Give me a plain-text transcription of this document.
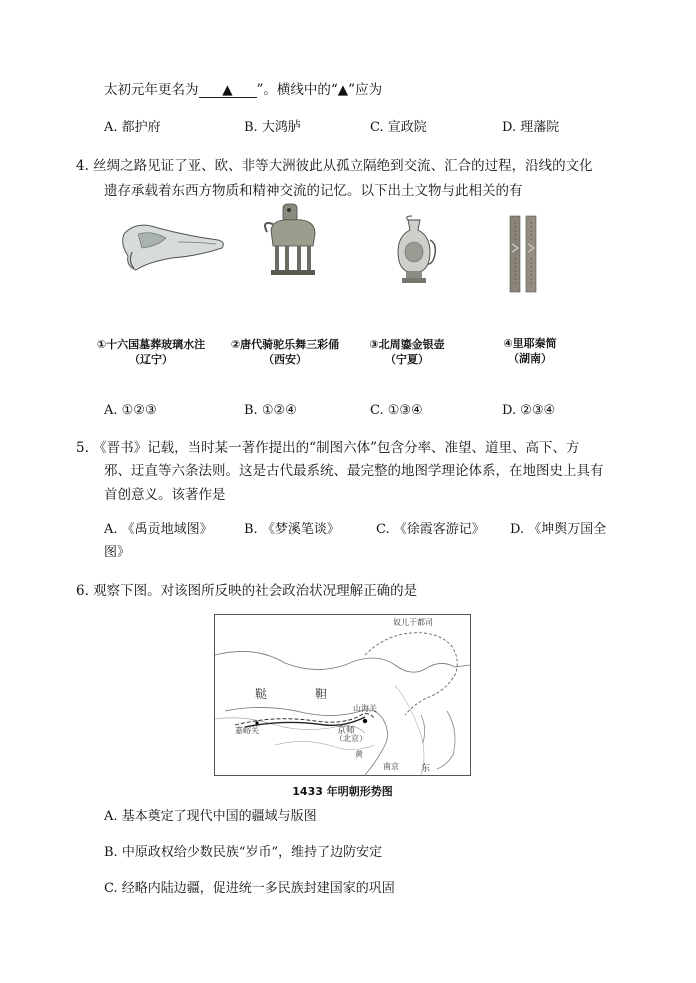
太初元年更名为 ▲ ”。横线中的“▲”应为
A. 都护府	B. 大鸿胪	C. 宣政院	D. 理藩院
4. 丝绸之路见证了亚、欧、非等大洲彼此从孤立隔绝到交流、汇合的过程，沿线的文化
遗存承载着东西方物质和精神交流的记忆。以下出土文物与此相关的有
①十六国墓葬玻璃水注
（辽宁）
②唐代骑驼乐舞三彩俑
（西安）
③北周鎏金银壶
（宁夏）
④里耶秦简
（湖南）
A. ①②③	B. ①②④	C. ①③④	D. ②③④
5. 《晋书》记载，当时某一著作提出的“制图六体”包含分率、准望、道里、高下、方
邪、迂直等六条法则。这是古代最系统、最完整的地图学理论体系，在地图史上具有
首创意义。该著作是
A. 《禹贡地域图》 B. 《梦溪笔谈》	C. 《徐霞客游记》 D. 《坤舆万国全
图》
6. 观察下图。对该图所反映的社会政治状况理解正确的是
奴儿干都司
鞑	靼
嘉峪关
山海关
京师
（北京）
南京 东
黄
1433 年明朝形势图
A. 基本奠定了现代中国的疆域与版图
B. 中原政权给少数民族“岁币”，维持了边防安定
C. 经略内陆边疆，促进统一多民族封建国家的巩固
